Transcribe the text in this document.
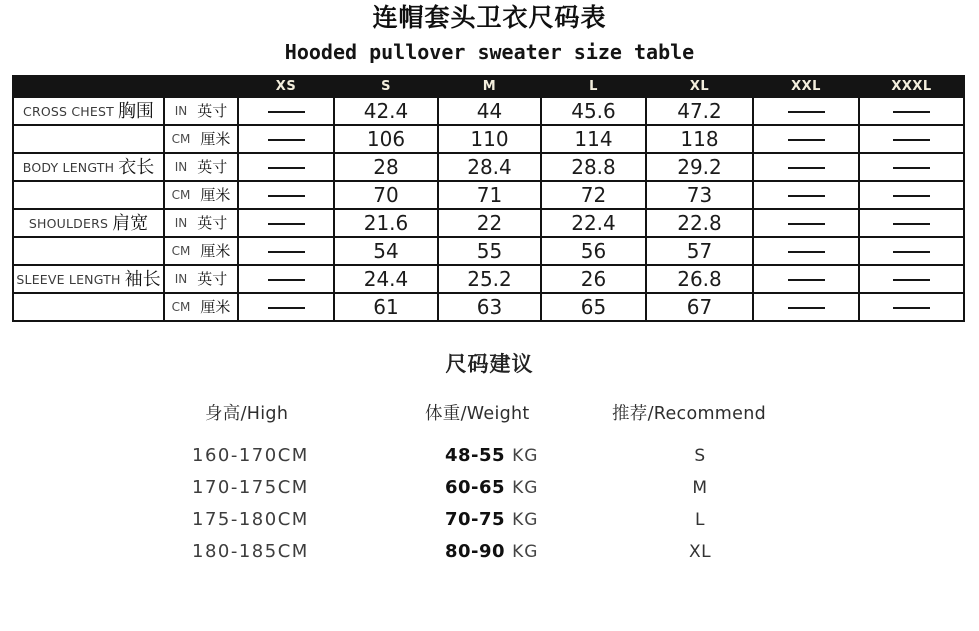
连帽套头卫衣尺码表
Hooded pullover sweater size table
		XS	S	M	L	XL	XXL	XXXL
CROSS CHEST 胸围	IN 英寸		42.4	44	45.6	47.2		
	CM 厘米		106	110	114	118		
BODY LENGTH 衣长	IN 英寸		28	28.4	28.8	29.2		
	CM 厘米		70	71	72	73		
SHOULDERS 肩宽	IN 英寸		21.6	22	22.4	22.8		
	CM 厘米		54	55	56	57		
SLEEVE LENGTH 袖长	IN 英寸		24.4	25.2	26	26.8		
	CM 厘米		61	63	65	67		
尺码建议
身高/High	体重/Weight	推荐/Recommend
160-170CM	48-55 KG	S
170-175CM	60-65 KG	M
175-180CM	70-75 KG	L
180-185CM	80-90 KG	XL
